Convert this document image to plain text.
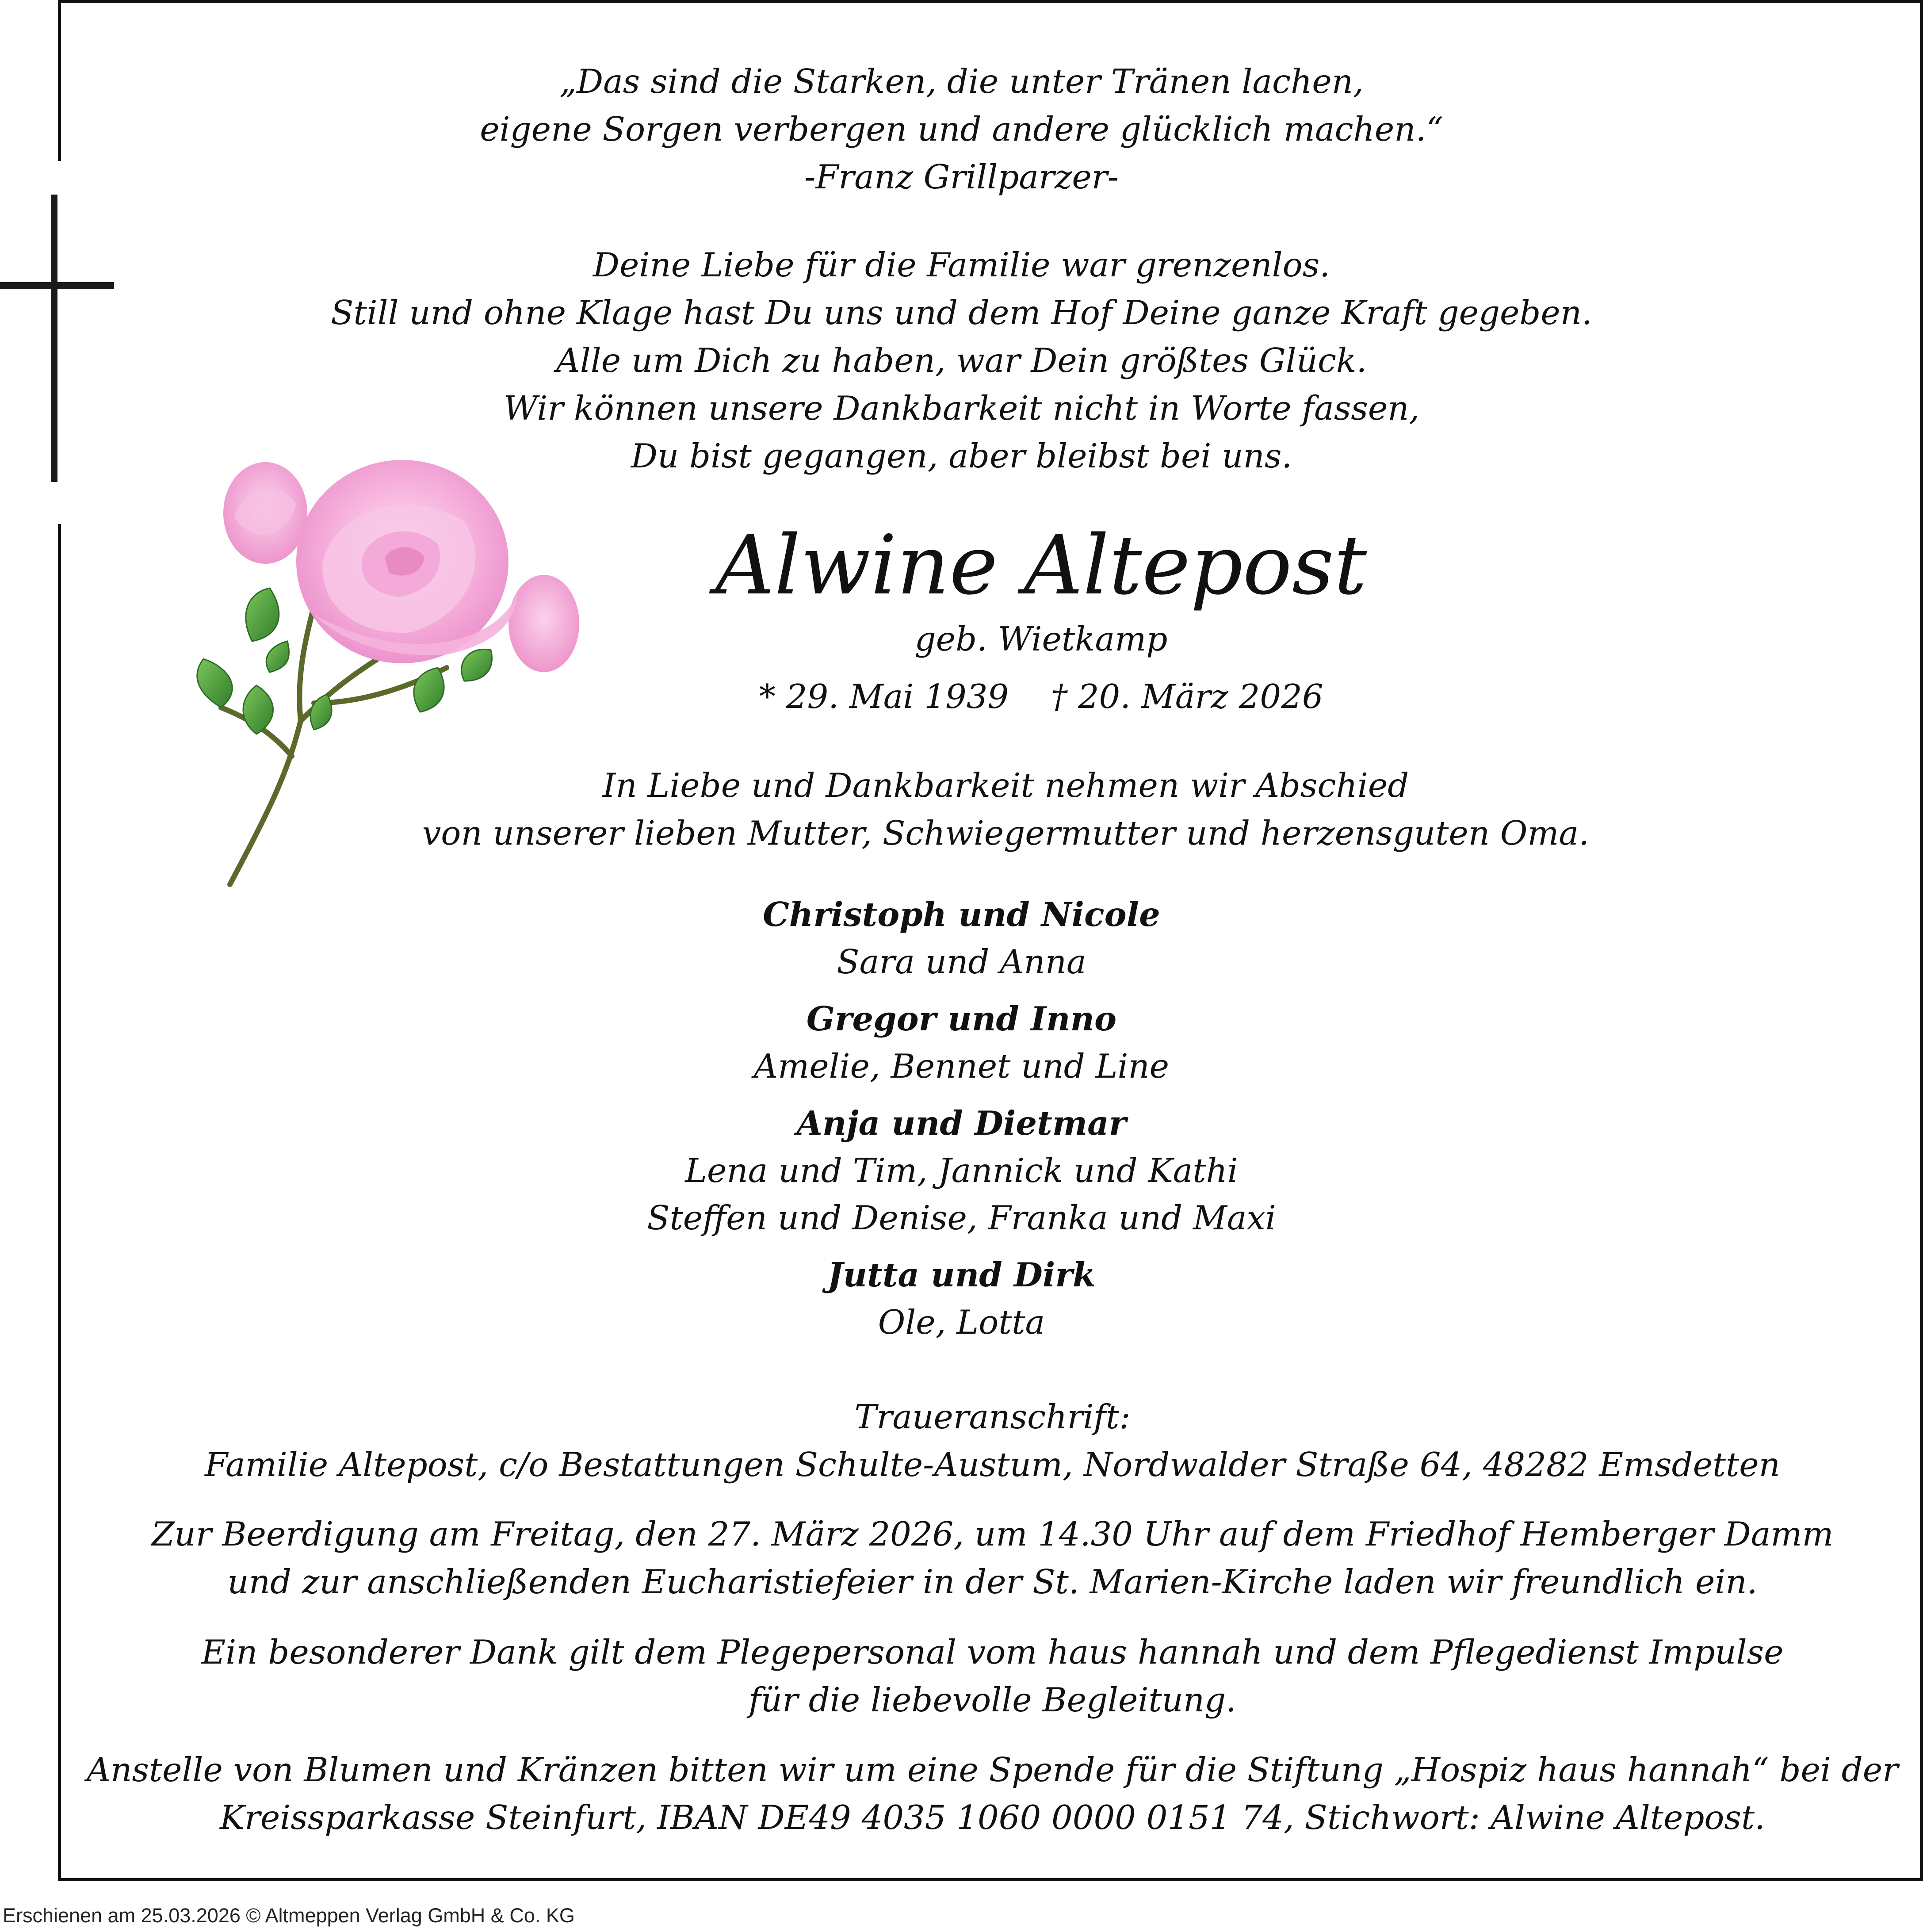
„Das sind die Starken, die unter Tränen lachen,
eigene Sorgen verbergen und andere glücklich machen.“
-Franz Grillparzer-
Deine Liebe für die Familie war grenzenlos.
Still und ohne Klage hast Du uns und dem Hof Deine ganze Kraft gegeben.
Alle um Dich zu haben, war Dein größtes Glück.
Wir können unsere Dankbarkeit nicht in Worte fassen,
Du bist gegangen, aber bleibst bei uns.
Alwine Altepost
geb. Wietkamp
* 29. Mai 1939    † 20. März 2026
In Liebe und Dankbarkeit nehmen wir Abschied
von unserer lieben Mutter, Schwiegermutter und herzensguten Oma.
Christoph und Nicole
Sara und Anna
Gregor und Inno
Amelie, Bennet und Line
Anja und Dietmar
Lena und Tim, Jannick und Kathi
Steffen und Denise, Franka und Maxi
Jutta und Dirk
Ole, Lotta
Traueranschrift:
Familie Altepost, c/o Bestattungen Schulte-Austum, Nordwalder Straße 64, 48282 Emsdetten
Zur Beerdigung am Freitag, den 27. März 2026, um 14.30 Uhr auf dem Friedhof Hemberger Damm
und zur anschließenden Eucharistiefeier in der St. Marien-Kirche laden wir freundlich ein.
Ein besonderer Dank gilt dem Plegepersonal vom haus hannah und dem Pflegedienst Impulse
für die liebevolle Begleitung.
Anstelle von Blumen und Kränzen bitten wir um eine Spende für die Stiftung „Hospiz haus hannah“ bei der
Kreissparkasse Steinfurt, IBAN DE49 4035 1060 0000 0151 74, Stichwort: Alwine Altepost.
Erschienen am 25.03.2026 © Altmeppen Verlag GmbH & Co. KG
